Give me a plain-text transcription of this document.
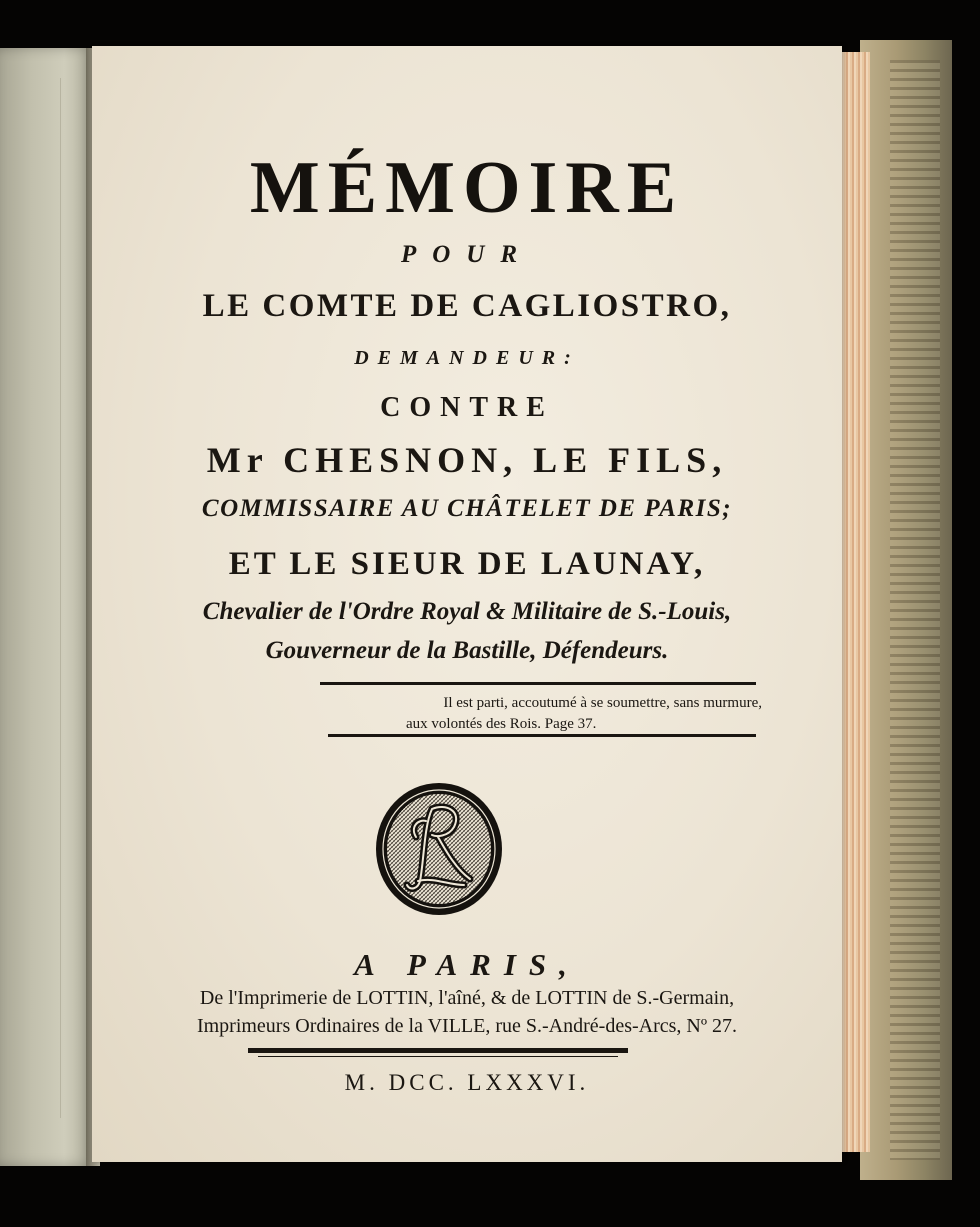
MÉMOIRE
POUR
LE COMTE DE CAGLIOSTRO,
DEMANDEUR:
CONTRE
Mr CHESNON, LE FILS,
COMMISSAIRE AU CHÂTELET DE PARIS;
ET LE SIEUR DE LAUNAY,
Chevalier de l'Ordre Royal & Militaire de S.-Louis,
Gouverneur de la Bastille, Défendeurs.
Il est parti, accoutumé à se soumettre, sans murmure,
aux volontés des Rois. Page 37.
A PARIS,
De l'Imprimerie de LOTTIN, l'aîné, & de LOTTIN de S.-Germain,
Imprimeurs Ordinaires de la VILLE, rue S.-André-des-Arcs, Nº 27.
M. DCC. LXXXVI.
